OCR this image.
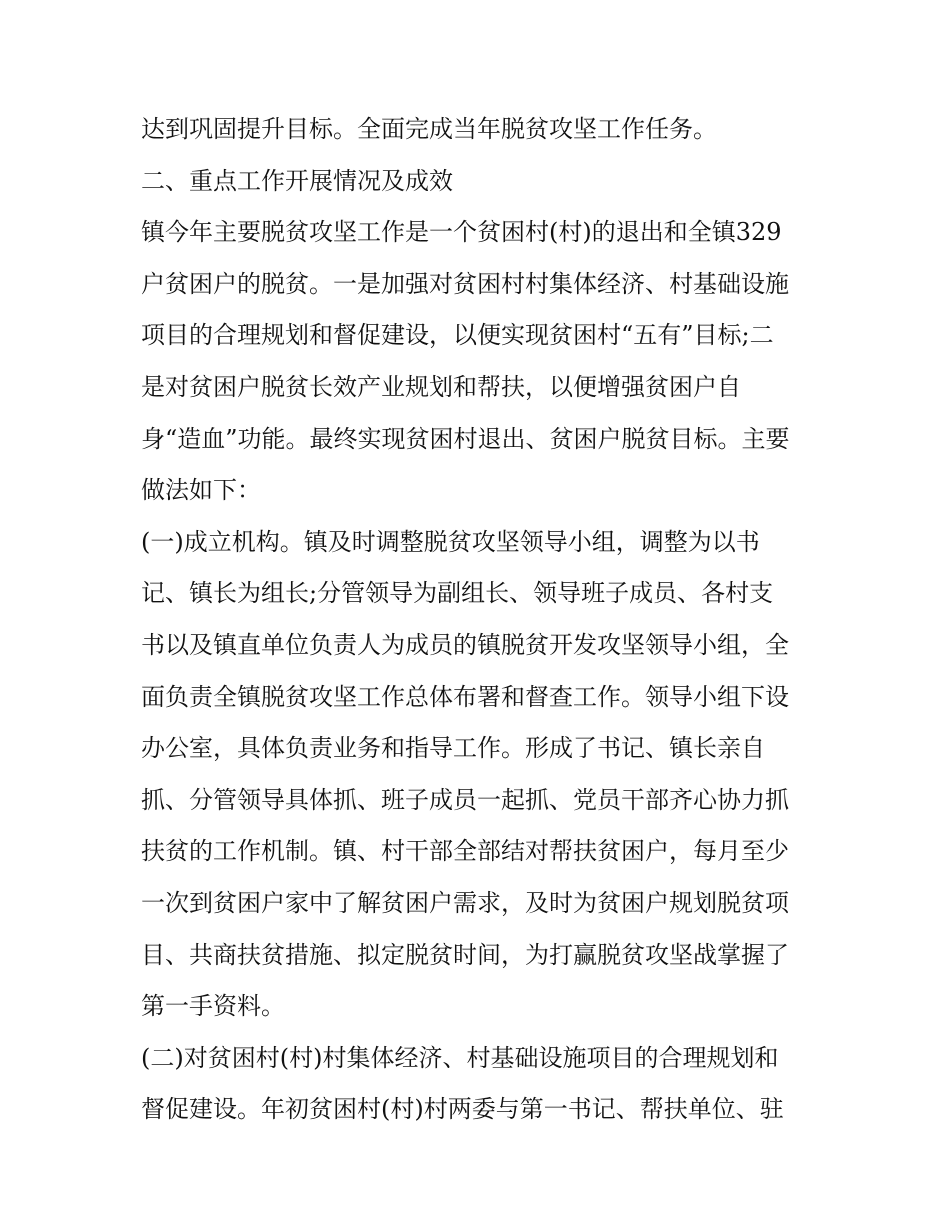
达到巩固提升目标。全面完成当年脱贫攻坚工作任务。
二、重点工作开展情况及成效
镇今年主要脱贫攻坚工作是一个贫困村(村)的退出和全镇329
户贫困户的脱贫。一是加强对贫困村村集体经济、村基础设施
项目的合理规划和督促建设，以便实现贫困村“五有”目标;二
是对贫困户脱贫长效产业规划和帮扶，以便增强贫困户自
身“造血”功能。最终实现贫困村退出、贫困户脱贫目标。主要
做法如下：
(一)成立机构。镇及时调整脱贫攻坚领导小组，调整为以书
记、镇长为组长;分管领导为副组长、领导班子成员、各村支
书以及镇直单位负责人为成员的镇脱贫开发攻坚领导小组，全
面负责全镇脱贫攻坚工作总体布署和督查工作。领导小组下设
办公室，具体负责业务和指导工作。形成了书记、镇长亲自
抓、分管领导具体抓、班子成员一起抓、党员干部齐心协力抓
扶贫的工作机制。镇、村干部全部结对帮扶贫困户，每月至少
一次到贫困户家中了解贫困户需求，及时为贫困户规划脱贫项
目、共商扶贫措施、拟定脱贫时间，为打赢脱贫攻坚战掌握了
第一手资料。
(二)对贫困村(村)村集体经济、村基础设施项目的合理规划和
督促建设。年初贫困村(村)村两委与第一书记、帮扶单位、驻
